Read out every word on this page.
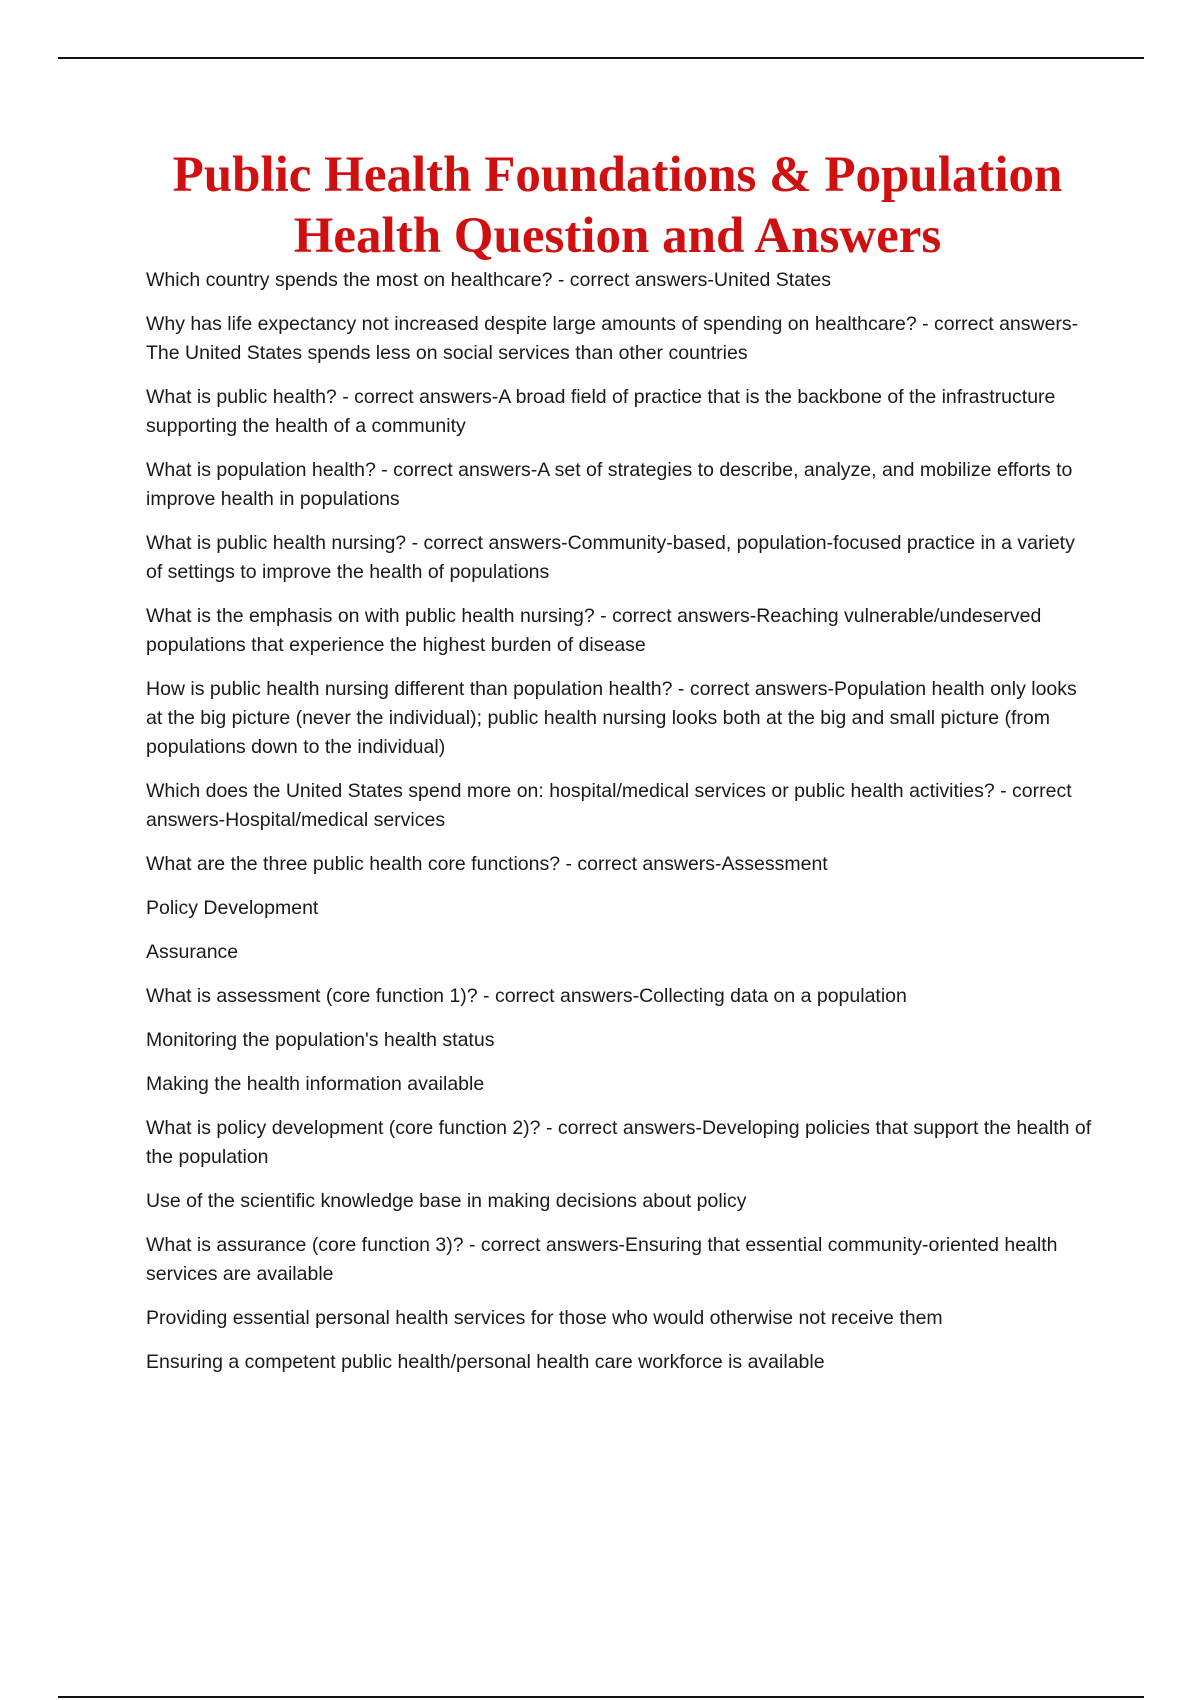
Public Health Foundations & Population Health Question and Answers
Which country spends the most on healthcare? - correct answers-United States
Why has life expectancy not increased despite large amounts of spending on healthcare? - correct answers-The United States spends less on social services than other countries
What is public health? - correct answers-A broad field of practice that is the backbone of the infrastructure supporting the health of a community
What is population health? - correct answers-A set of strategies to describe, analyze, and mobilize efforts to improve health in populations
What is public health nursing? - correct answers-Community-based, population-focused practice in a variety of settings to improve the health of populations
What is the emphasis on with public health nursing? - correct answers-Reaching vulnerable/undeserved populations that experience the highest burden of disease
How is public health nursing different than population health? - correct answers-Population health only looks at the big picture (never the individual); public health nursing looks both at the big and small picture (from populations down to the individual)
Which does the United States spend more on: hospital/medical services or public health activities? - correct answers-Hospital/medical services
What are the three public health core functions? - correct answers-Assessment
Policy Development
Assurance
What is assessment (core function 1)? - correct answers-Collecting data on a population
Monitoring the population's health status
Making the health information available
What is policy development (core function 2)? - correct answers-Developing policies that support the health of the population
Use of the scientific knowledge base in making decisions about policy
What is assurance (core function 3)? - correct answers-Ensuring that essential community-oriented health services are available
Providing essential personal health services for those who would otherwise not receive them
Ensuring a competent public health/personal health care workforce is available
